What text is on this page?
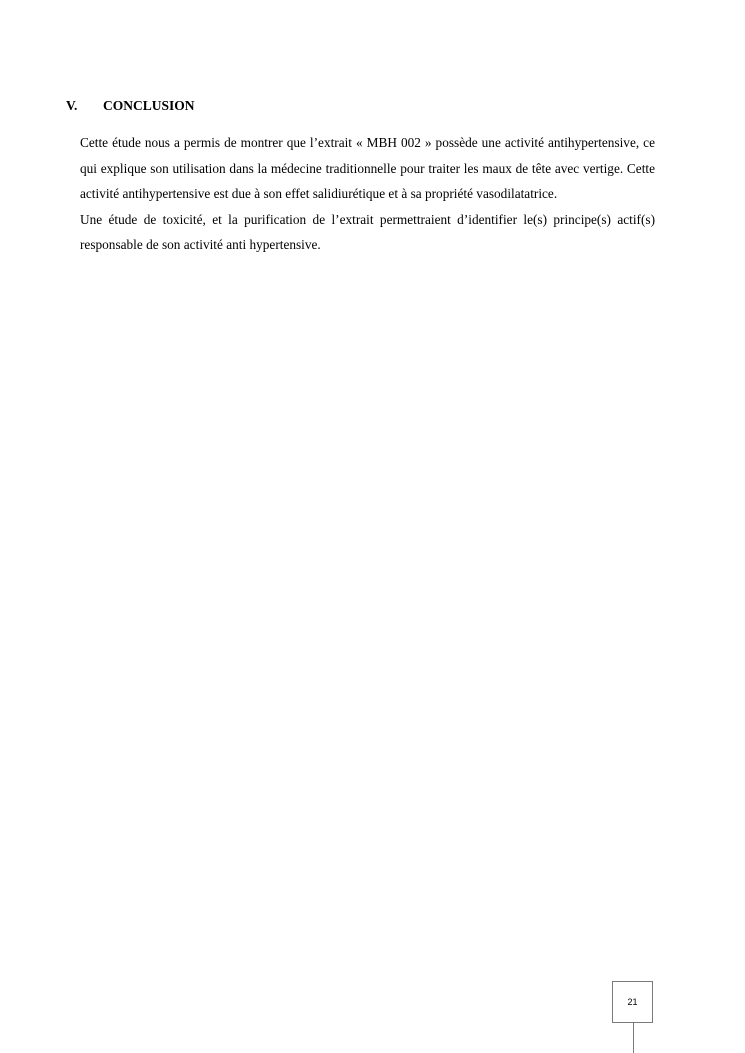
V. CONCLUSION

Cette étude nous a permis de montrer que l’extrait « MBH 002 » possède une activité antihypertensive, ce qui explique son utilisation dans la médecine traditionnelle pour traiter les maux de tête avec vertige. Cette activité antihypertensive est due à son effet salidiurétique et à sa propriété vasodilatatrice.

Une étude de toxicité, et la purification de l’extrait permettraient d’identifier le(s) principe(s) actif(s) responsable de son activité anti hypertensive.

21
